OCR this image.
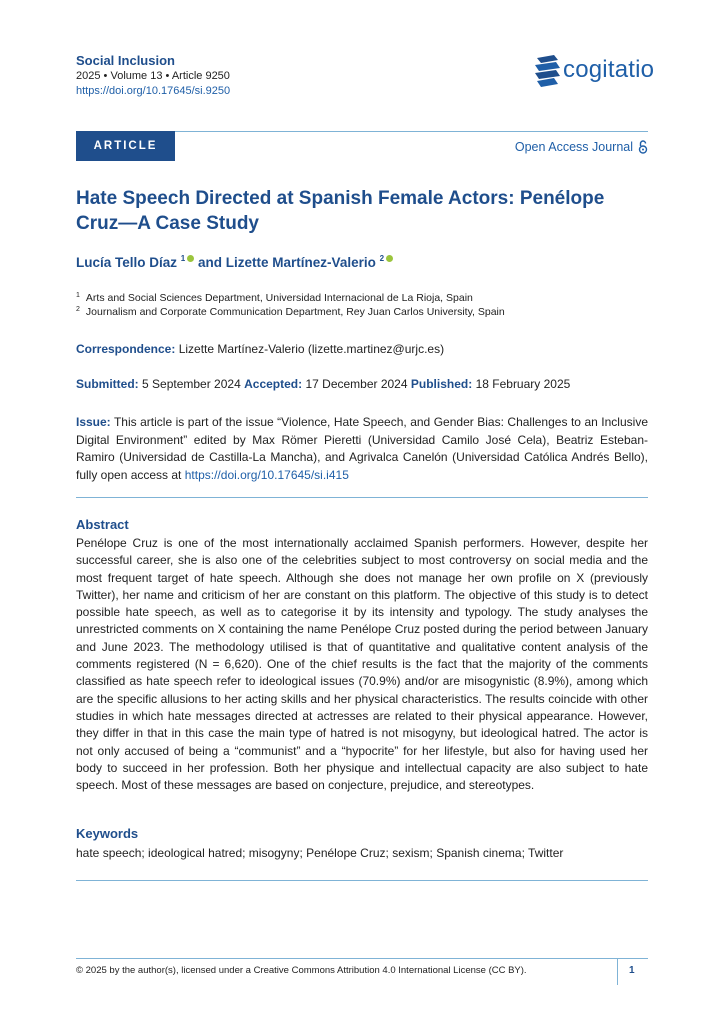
Social Inclusion
2025 • Volume 13 • Article 9250
https://doi.org/10.17645/si.9250
cogitatio
ARTICLE	Open Access Journal
Hate Speech Directed at Spanish Female Actors: Penélope Cruz—A Case Study
Lucía Tello Díaz $^1$ and Lizette Martínez-Valerio $^2$
$^1$ Arts and Social Sciences Department, Universidad Internacional de La Rioja, Spain
$^2$ Journalism and Corporate Communication Department, Rey Juan Carlos University, Spain
Correspondence: Lizette Martínez-Valerio (lizette.martinez@urjc.es)
Submitted: 5 September 2024 Accepted: 17 December 2024 Published: 18 February 2025
Issue: This article is part of the issue “Violence, Hate Speech, and Gender Bias: Challenges to an Inclusive Digital Environment” edited by Max Römer Pieretti (Universidad Camilo José Cela), Beatriz Esteban-Ramiro (Universidad de Castilla-La Mancha), and Agrivalca Canelón (Universidad Católica Andrés Bello), fully open access at https://doi.org/10.17645/si.i415
Abstract
Penélope Cruz is one of the most internationally acclaimed Spanish performers. However, despite her successful career, she is also one of the celebrities subject to most controversy on social media and the most frequent target of hate speech. Although she does not manage her own profile on X (previously Twitter), her name and criticism of her are constant on this platform. The objective of this study is to detect possible hate speech, as well as to categorise it by its intensity and typology. The study analyses the unrestricted comments on X containing the name Penélope Cruz posted during the period between January and June 2023. The methodology utilised is that of quantitative and qualitative content analysis of the comments registered (N = 6,620). One of the chief results is the fact that the majority of the comments classified as hate speech refer to ideological issues (70.9%) and/or are misogynistic (8.9%), among which are the specific allusions to her acting skills and her physical characteristics. The results coincide with other studies in which hate messages directed at actresses are related to their physical appearance. However, they differ in that in this case the main type of hatred is not misogyny, but ideological hatred. The actor is not only accused of being a “communist” and a “hypocrite” for her lifestyle, but also for having used her body to succeed in her profession. Both her physique and intellectual capacity are also subject to hate speech. Most of these messages are based on conjecture, prejudice, and stereotypes.
Keywords
hate speech; ideological hatred; misogyny; Penélope Cruz; sexism; Spanish cinema; Twitter
© 2025 by the author(s), licensed under a Creative Commons Attribution 4.0 International License (CC BY).	1
